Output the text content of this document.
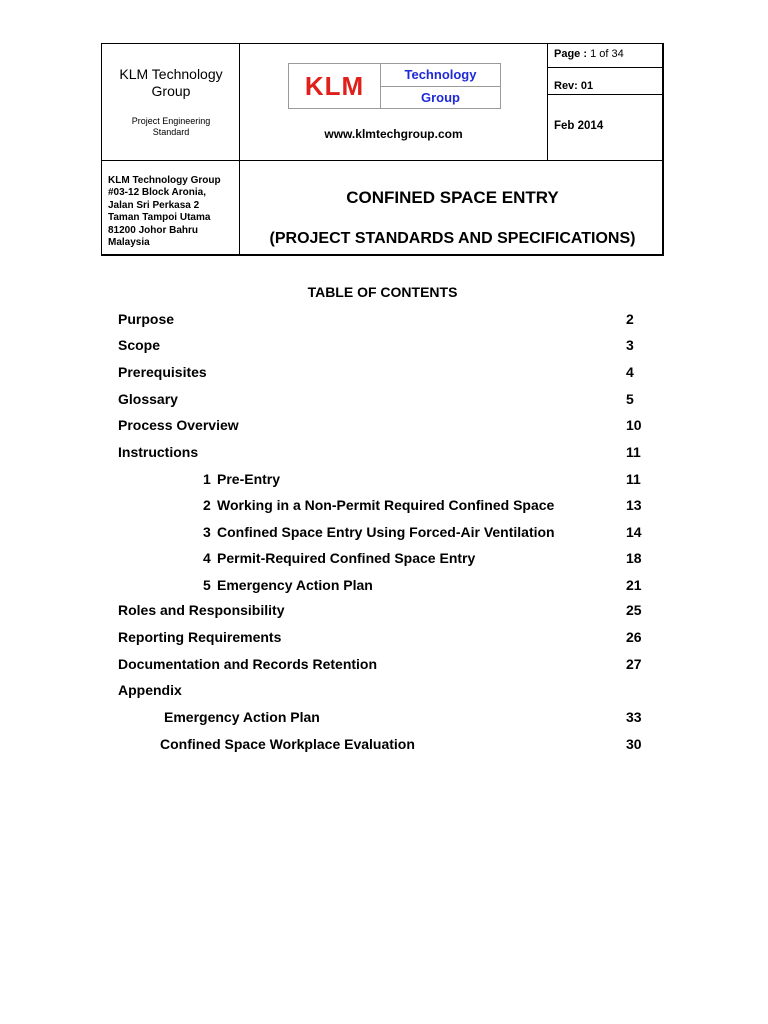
KLM Technology
Group
Project Engineering
Standard
KLM	Technology
Group
www.klmtechgroup.com
Page : 1 of 34
Rev: 01
Feb 2014
KLM Technology Group
#03-12 Block Aronia,
Jalan Sri Perkasa 2
Taman Tampoi Utama
81200 Johor Bahru
Malaysia
CONFINED SPACE ENTRY
(PROJECT STANDARDS AND SPECIFICATIONS)
TABLE OF CONTENTS
Purpose	2
Scope	3
Prerequisites	4
Glossary	5
Process Overview	10
Instructions	11
1 Pre-Entry	11
2 Working in a Non-Permit Required Confined Space	13
3 Confined Space Entry Using Forced-Air Ventilation	14
4 Permit-Required Confined Space Entry	18
5 Emergency Action Plan	21
Roles and Responsibility	25
Reporting Requirements	26
Documentation and Records Retention	27
Appendix
Emergency Action Plan	33
Confined Space Workplace Evaluation	30
